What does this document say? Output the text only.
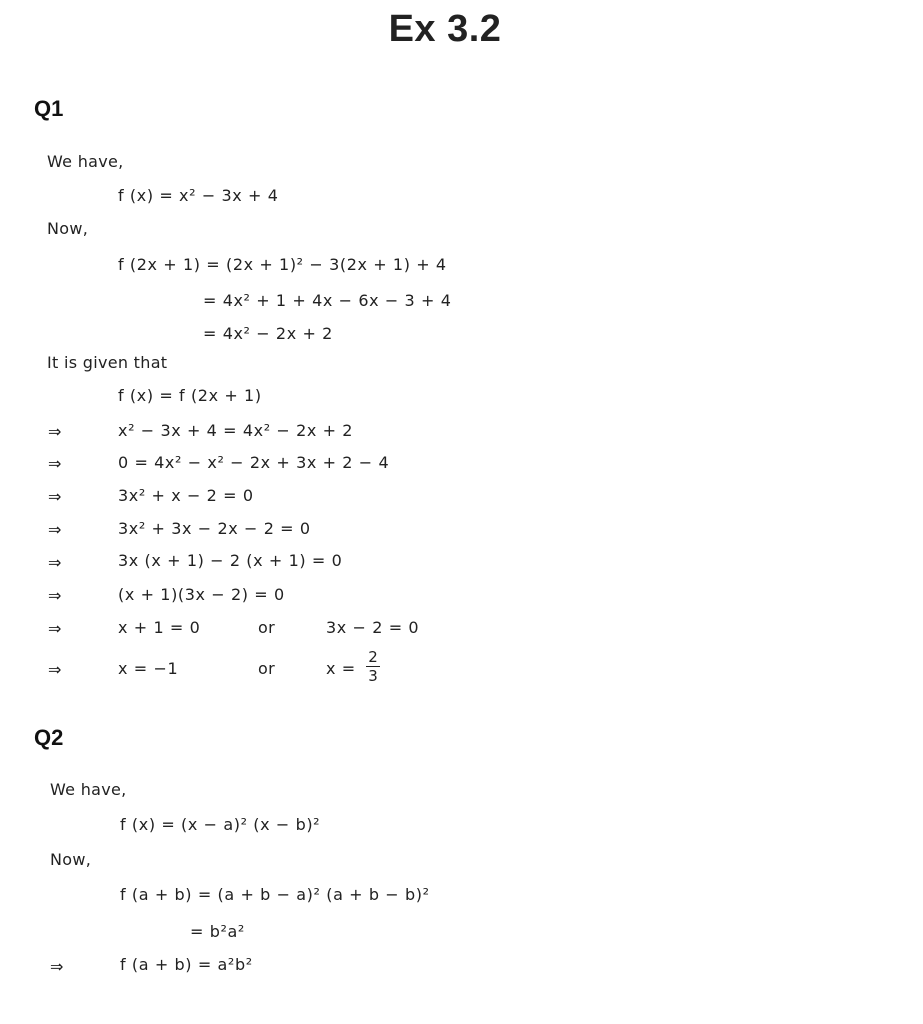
Ex 3.2
Q1
We have,
f (x) = x² − 3x + 4
Now,
f (2x + 1) = (2x + 1)² − 3(2x + 1) + 4
= 4x² + 1 + 4x − 6x − 3 + 4
= 4x² − 2x + 2
It is given that
f (x) = f (2x + 1)
⇒	x² − 3x + 4 = 4x² − 2x + 2
⇒	0 = 4x² − x² − 2x + 3x + 2 − 4
⇒	3x² + x − 2 = 0
⇒	3x² + 3x − 2x − 2 = 0
⇒	3x (x + 1) − 2 (x + 1) = 0
⇒	(x + 1)(3x − 2) = 0
⇒	x + 1 = 0	or	3x − 2 = 0
⇒	x = −1	or	$x = \frac{2}{3}$
Q2
We have,
f (x) = (x − a)² (x − b)²
Now,
f (a + b) = (a + b − a)² (a + b − b)²
= b²a²
⇒	f (a + b) = a²b²
